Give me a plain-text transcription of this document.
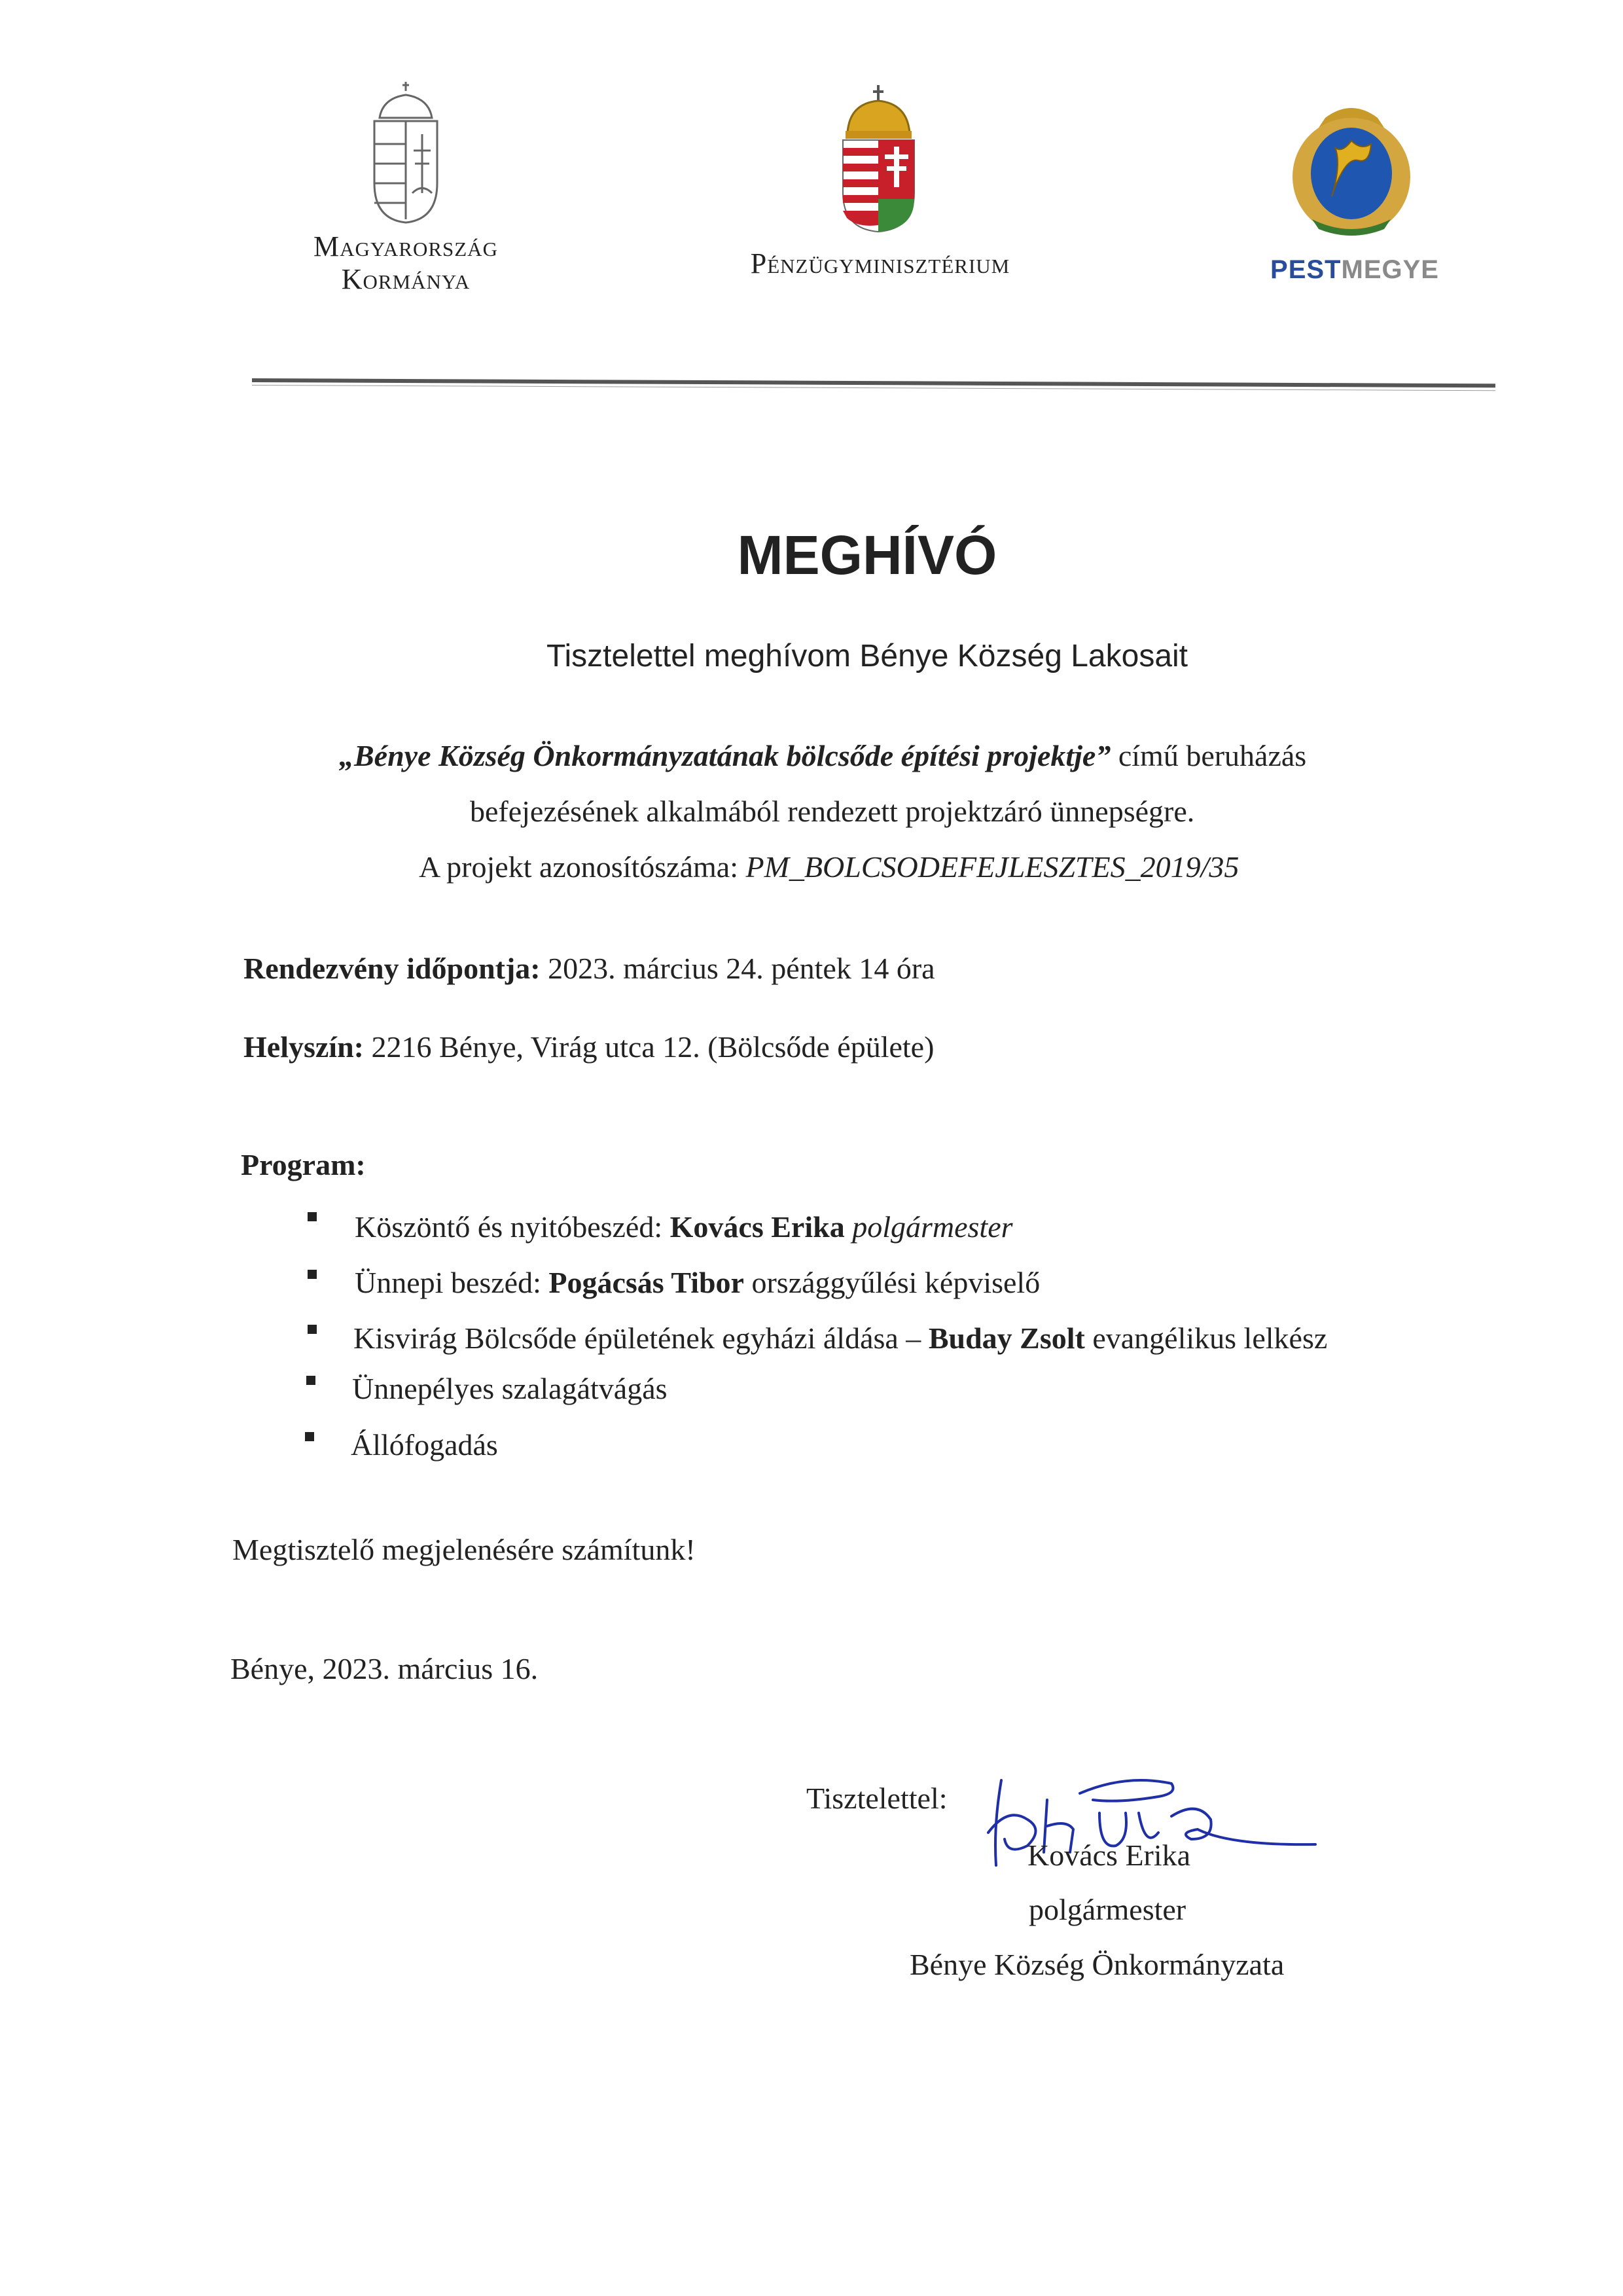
Magyarország
Kormánya	Pénzügyminisztérium	PESTMEGYE
MEGHÍVÓ
Tisztelettel meghívom Bénye Község Lakosait
„Bénye Község Önkormányzatának bölcsőde építési projektje” című beruházás
befejezésének alkalmából rendezett projektzáró ünnepségre.
A projekt azonosítószáma: PM_BOLCSODEFEJLESZTES_2019/35
Rendezvény időpontja: 2023. március 24. péntek 14 óra
Helyszín: 2216 Bénye, Virág utca 12. (Bölcsőde épülete)
Program:
Köszöntő és nyitóbeszéd: Kovács Erika polgármester
Ünnepi beszéd: Pogácsás Tibor országgyűlési képviselő
Kisvirág Bölcsőde épületének egyházi áldása – Buday Zsolt evangélikus lelkész
Ünnepélyes szalagátvágás
Állófogadás
Megtisztelő megjelenésére számítunk!
Bénye, 2023. március 16.
Tisztelettel:
Kovács Erika
polgármester
Bénye Község Önkormányzata
